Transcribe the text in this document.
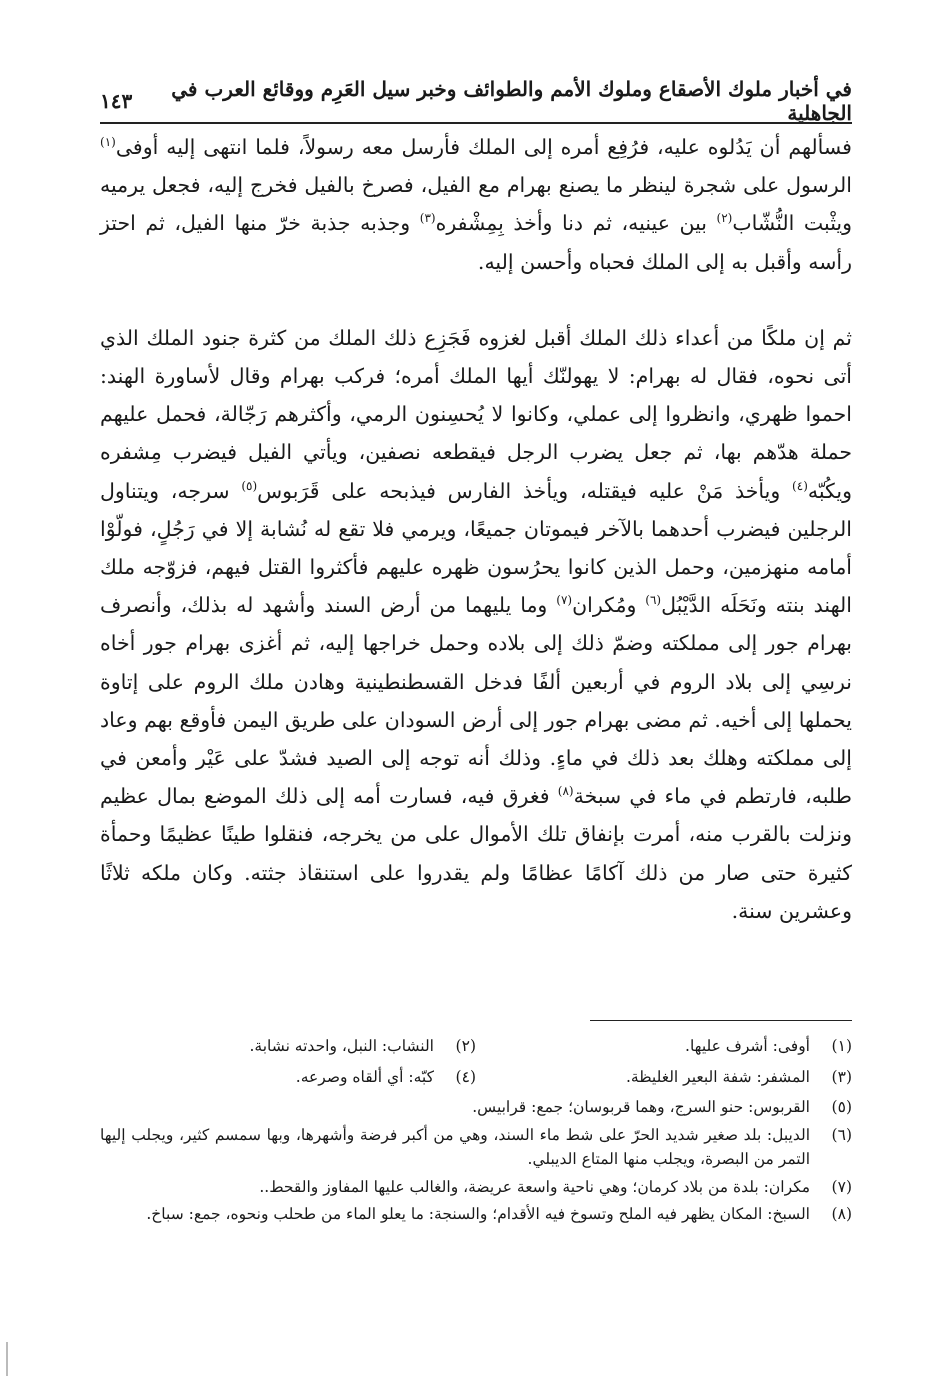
في أخبار ملوك الأصقاع وملوك الأمم والطوائف وخبر سيل العَرِم ووقائع العرب في الجاهلية
١٤٣

فسألهم أن يَدُلوه عليه، فرُفِع أمره إلى الملك فأرسل معه رسولاً، فلما انتهى إليه أوفى$^{(١)}$ الرسول على شجرة لينظر ما يصنع بهرام مع الفيل، فصرخ بالفيل فخرج إليه، فجعل يرميه ويثْبت النُّشّاب$^{(٢)}$ بين عينيه، ثم دنا وأخذ بِمِشْفره$^{(٣)}$ وجذبه جذبة خرّ منها الفيل، ثم احتز رأسه وأقبل به إلى الملك فحباه وأحسن إليه.

ثم إن ملكًا من أعداء ذلك الملك أقبل لغزوه فَجَزِع ذلك الملك من كثرة جنود الملك الذي أتى نحوه، فقال له بهرام: لا يهولنّك أيها الملك أمره؛ فركب بهرام وقال لأساورة الهند: احموا ظهري، وانظروا إلى عملي، وكانوا لا يُحسِنون الرمي، وأكثرهم رَجّالة، فحمل عليهم حملة هدّهم بها، ثم جعل يضرب الرجل فيقطعه نصفين، ويأتي الفيل فيضرب مِشفره ويكُبّه$^{(٤)}$ ويأخذ مَنْ عليه فيقتله، ويأخذ الفارس فيذبحه على قَرَبوس$^{(٥)}$ سرجه، ويتناول الرجلين فيضرب أحدهما بالآخر فيموتان جميعًا، ويرمي فلا تقع له نُشابة إلا في رَجُلٍ، فولّوْا أمامه منهزمين، وحمل الذين كانوا يحرُسون ظهره عليهم فأكثروا القتل فيهم، فزوّجه ملك الهند بنته ونَحَلَه الدَّيْبُل$^{(٦)}$ ومُكران$^{(٧)}$ وما يليهما من أرض السند وأشهد له بذلك، وأنصرف بهرام جور إلى مملكته وضمّ ذلك إلى بلاده وحمل خراجها إليه، ثم أغزى بهرام جور أخاه نرسِي إلى بلاد الروم في أربعين ألفًا فدخل القسطنطينية وهادن ملك الروم على إتاوة يحملها إلى أخيه. ثم مضى بهرام جور إلى أرض السودان على طريق اليمن فأوقع بهم وعاد إلى مملكته وهلك بعد ذلك في ماءٍ. وذلك أنه توجه إلى الصيد فشدّ على عَيْر وأمعن في طلبه، فارتطم في ماء في سبخة$^{(٨)}$ فغرق فيه، فسارت أمه إلى ذلك الموضع بمال عظيم ونزلت بالقرب منه، أمرت بإنفاق تلك الأموال على من يخرجه، فنقلوا طينًا عظيمًا وحمأة كثيرة حتى صار من ذلك آكامًا عظامًا ولم يقدروا على استنقاذ جثته. وكان ملكه ثلاثًا وعشرين سنة.

(١)
أوفى: أشرف عليها.
(٢)
النشاب: النبل، واحدته نشابة.
(٣)
المشفر: شفة البعير الغليظة.
(٤)
كبّه: أي ألقاه وصرعه.
(٥)
القربوس: حنو السرج، وهما قربوسان؛ جمع: قرابيس.
(٦)
الديبل: بلد صغير شديد الحرّ على شط ماء السند، وهي من أكبر فرضة وأشهرها، وبها سمسم كثير، ويجلب إليها التمر من البصرة، ويجلب منها المتاع الديبلي.
(٧)
مكران: بلدة من بلاد كرمان؛ وهي ناحية واسعة عريضة، والغالب عليها المفاوز والقحط..
(٨)
السبخ: المكان يظهر فيه الملح وتسوخ فيه الأقدام؛ والسنجة: ما يعلو الماء من طحلب ونحوه، جمع: سباخ.
